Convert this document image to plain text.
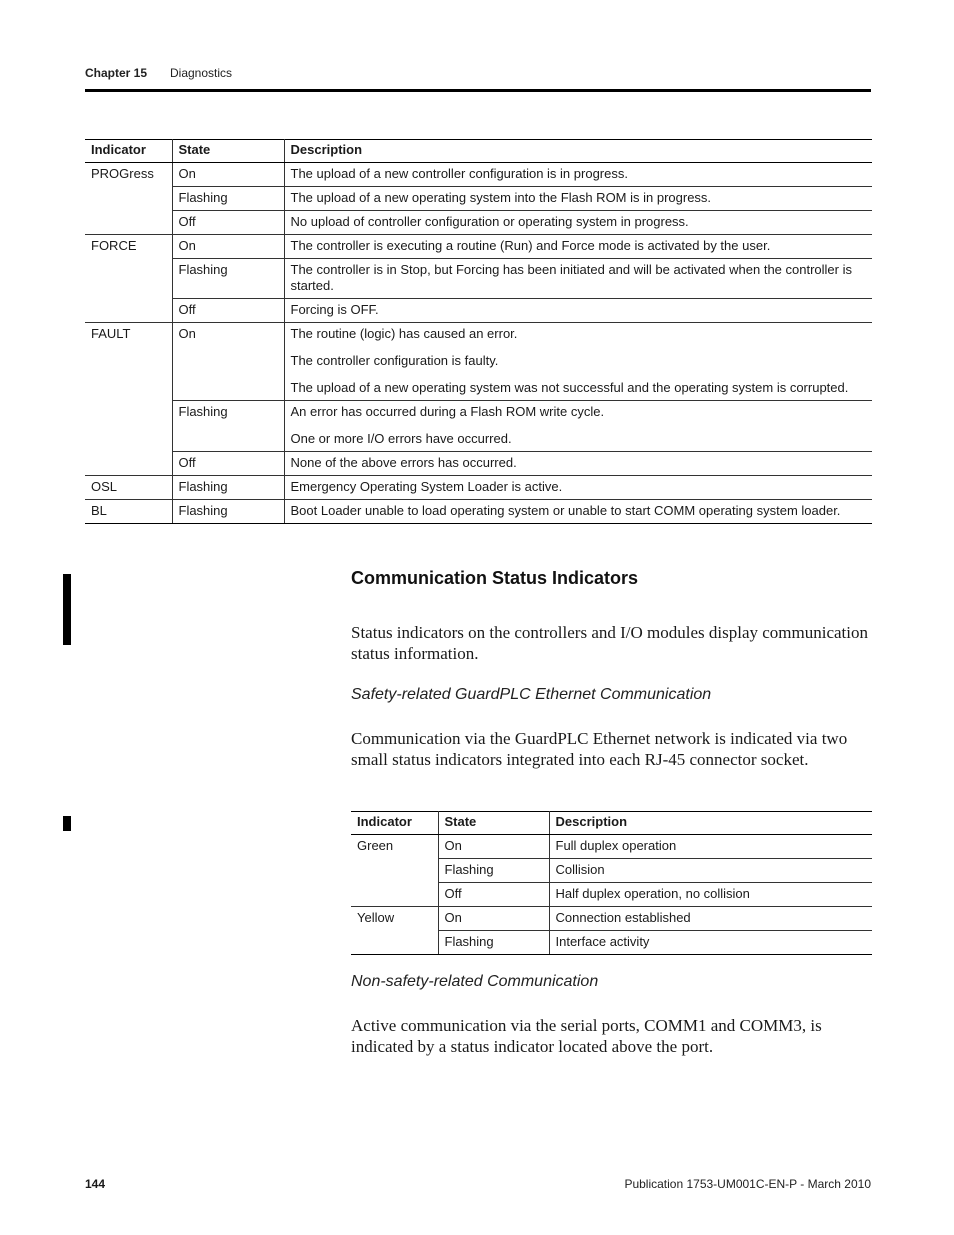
Chapter 15 Diagnostics
Indicator	State	Description
PROGress	On	The upload of a new controller configuration is in progress.

	Flashing	The upload of a new operating system into the Flash ROM is in progress.

	Off	No upload of controller configuration or operating system in progress.

FORCE	On	The controller is executing a routine (Run) and Force mode is activated by the user.

	Flashing	The controller is in Stop, but Forcing has been initiated and will be activated when the controller is started.

	Off	Forcing is OFF.

FAULT	On	The routine (logic) has caused an error.

The controller configuration is faulty.

The upload of a new operating system was not successful and the operating system is corrupted.

	Flashing	An error has occurred during a Flash ROM write cycle.

One or more I/O errors have occurred.

	Off	None of the above errors has occurred.

OSL	Flashing	Emergency Operating System Loader is active.

BL	Flashing	Boot Loader unable to load operating system or unable to start COMM operating system loader.

Communication Status Indicators

Status indicators on the controllers and I/O modules display communication status information.

Safety-related GuardPLC Ethernet Communication

Communication via the GuardPLC Ethernet network is indicated via two small status indicators integrated into each RJ-45 connector socket.

Indicator	State	Description
Green	On	Full duplex operation

	Flashing	Collision

	Off	Half duplex operation, no collision

Yellow	On	Connection established

	Flashing	Interface activity

Non-safety-related Communication

Active communication via the serial ports, COMM1 and COMM3, is indicated by a status indicator located above the port.

144	Publication 1753-UM001C-EN-P - March 2010
